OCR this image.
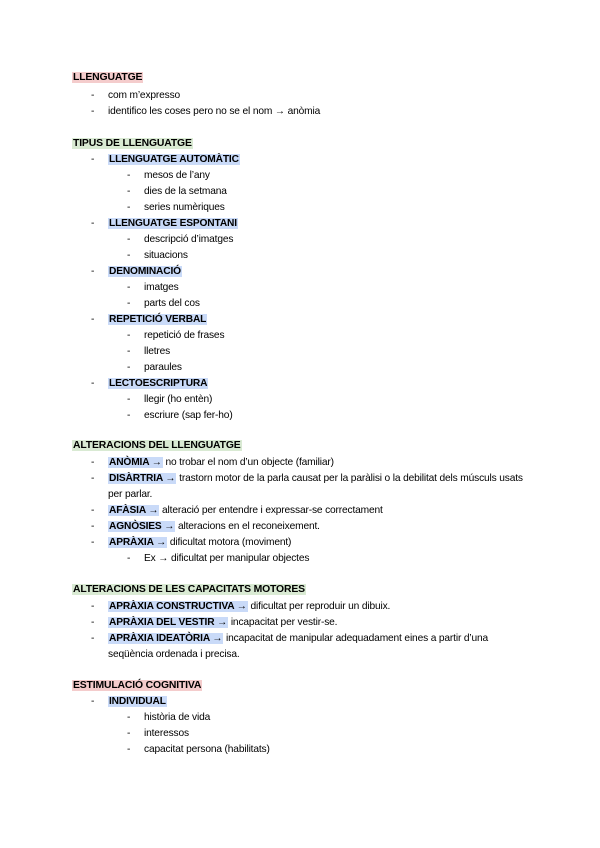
LLENGUATGE
- com m’expresso
- identifico les coses pero no se el nom → anòmia
TIPUS DE LLENGUATGE
- LLENGUATGE AUTOMÀTIC
- mesos de l’any
- dies de la setmana
- series numèriques
- LLENGUATGE ESPONTANI
- descripció d’imatges
- situacions
- DENOMINACIÓ
- imatges
- parts del cos
- REPETICIÓ VERBAL
- repetició de frases
- lletres
- paraules
- LECTOESCRIPTURA
- llegir (ho entèn)
- escriure (sap fer-ho)
ALTERACIONS DEL LLENGUATGE
- ANÒMIA → no trobar el nom d’un objecte (familiar)
- DISÀRTRIA → trastorn motor de la parla causat per la paràlisi o la debilitat dels músculs usats
per parlar.
- AFÀSIA → alteració per entendre i expressar-se correctament
- AGNÒSIES → alteracions en el reconeixement.
- APRÀXIA → dificultat motora (moviment)
- Ex → dificultat per manipular objectes
ALTERACIONS DE LES CAPACITATS MOTORES
- APRÀXIA CONSTRUCTIVA → dificultat per reproduir un dibuix.
- APRÀXIA DEL VESTIR → incapacitat per vestir-se.
- APRÀXIA IDEATÒRIA → incapacitat de manipular adequadament eines a partir d’una
seqüència ordenada i precisa.
ESTIMULACIÓ COGNITIVA
- INDIVIDUAL
- història de vida
- interessos
- capacitat persona (habilitats)
